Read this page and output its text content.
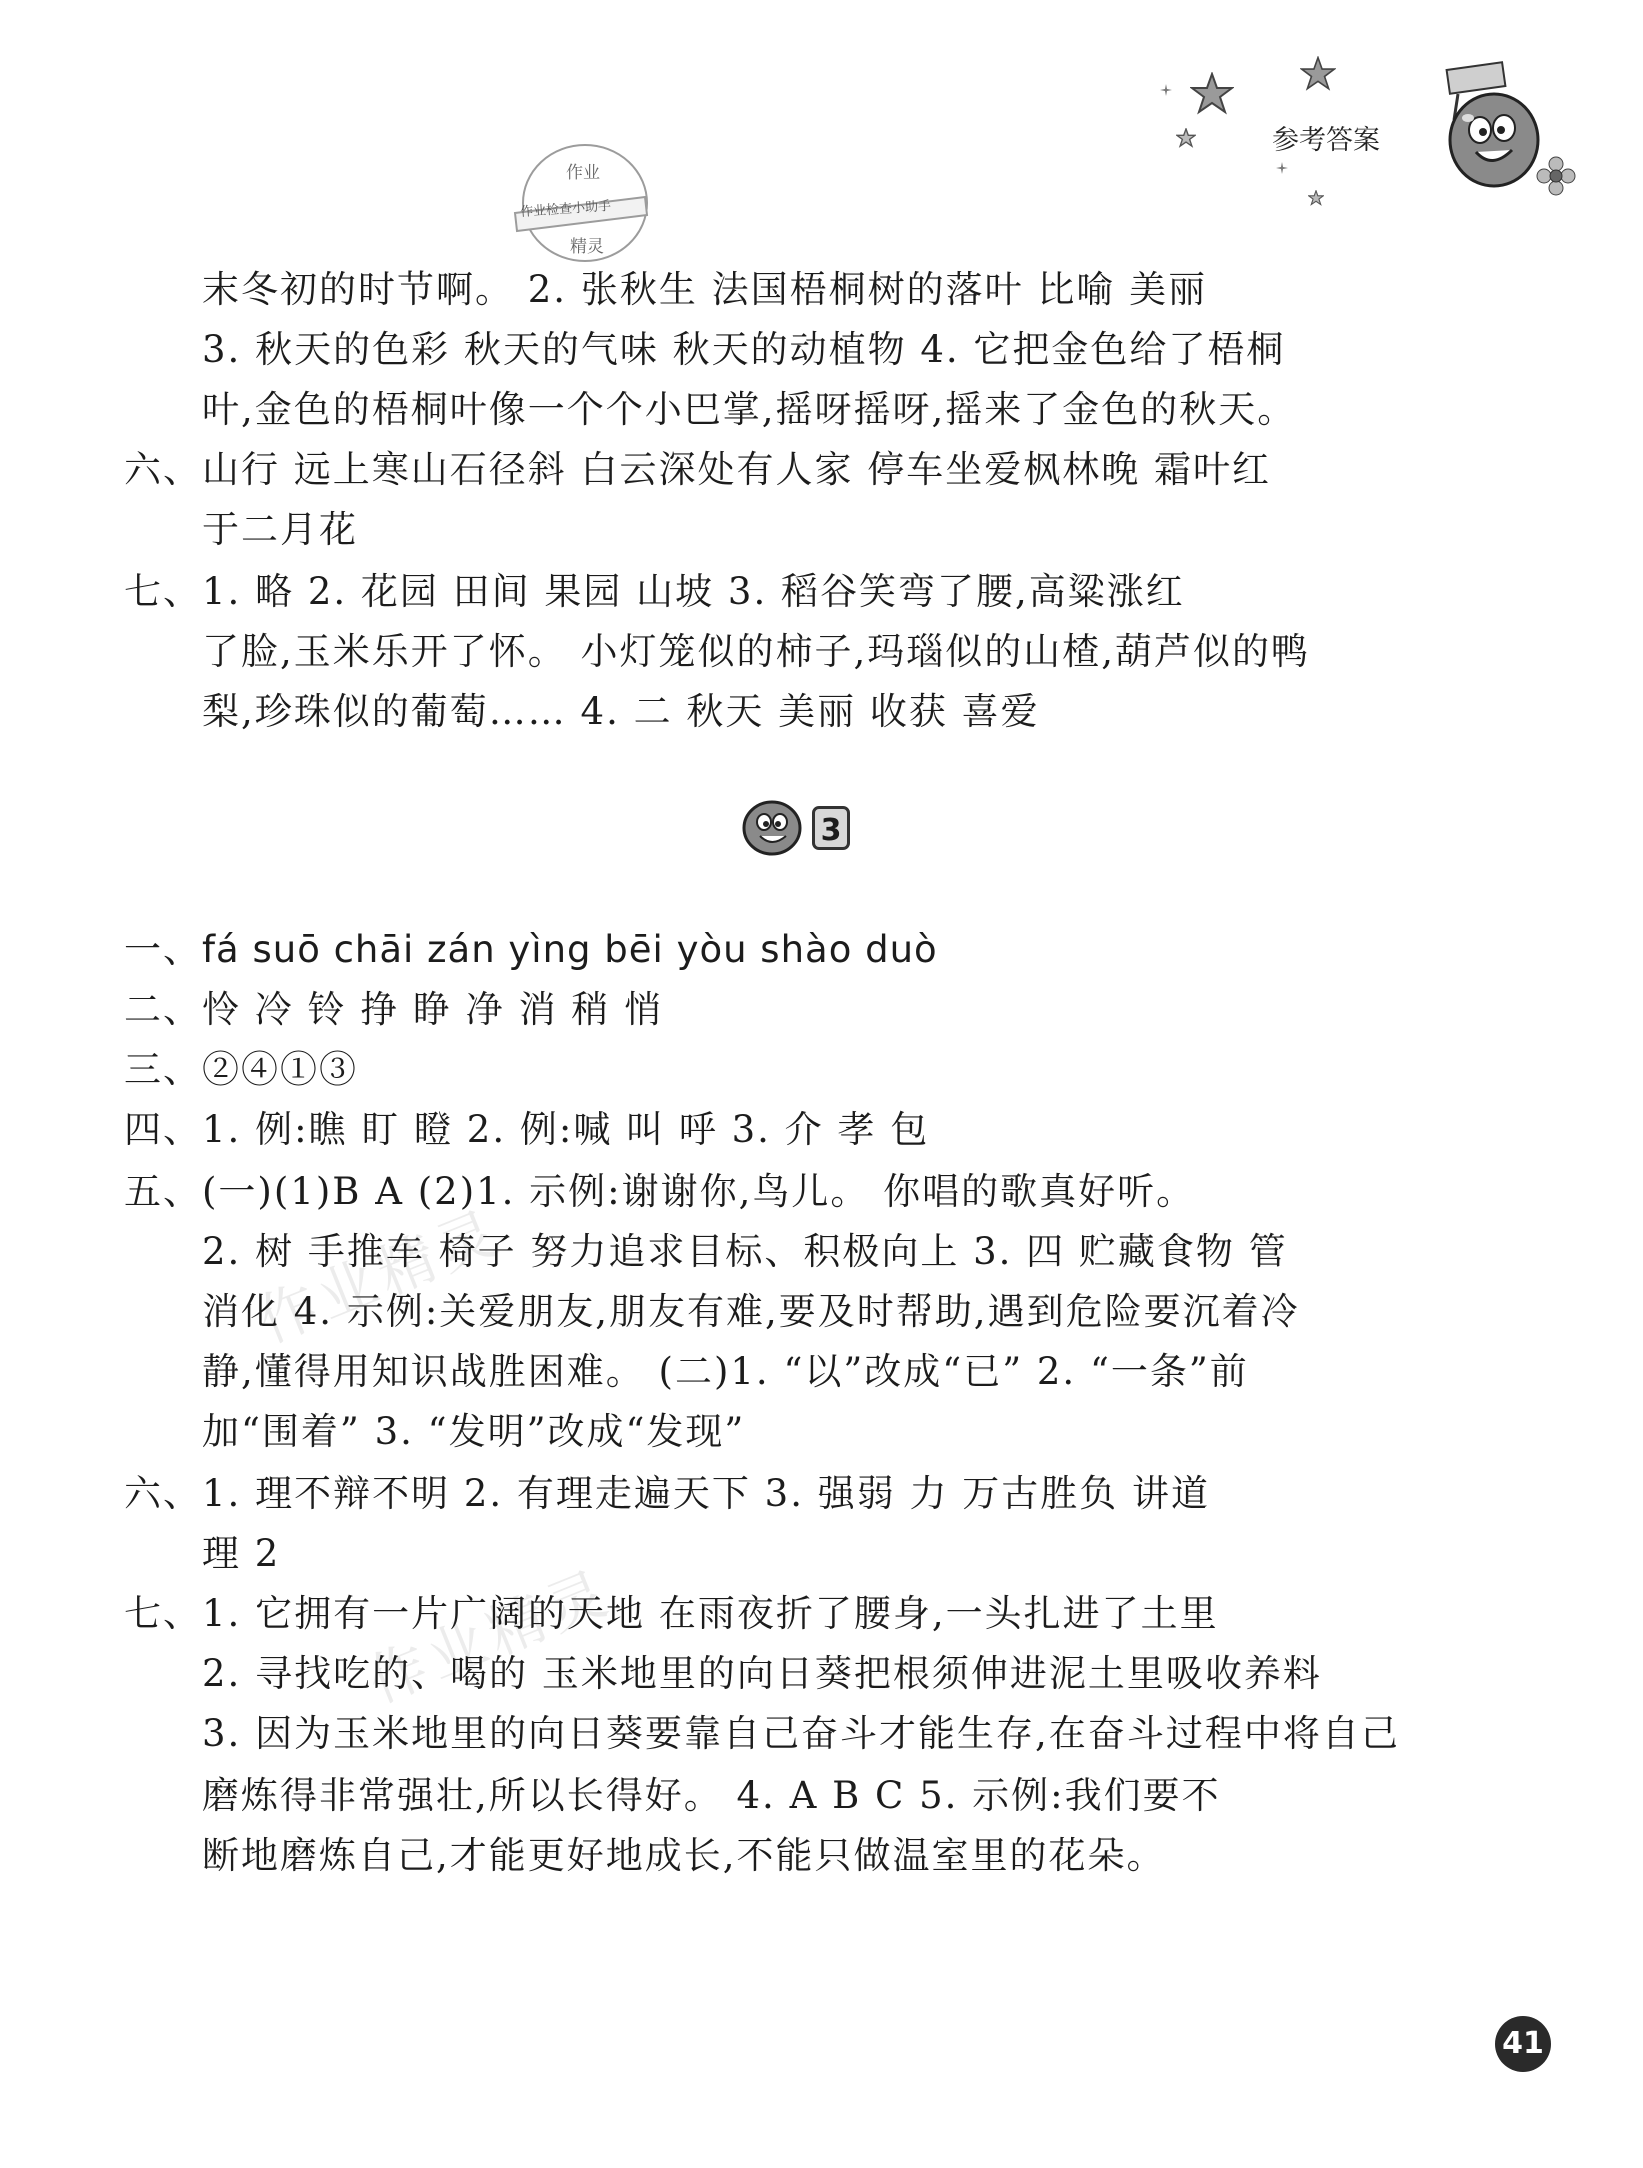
参考答案
作业
作业检查小助手
精灵
作业精灵
作业精灵
末冬初的时节啊。 2. 张秋生 法国梧桐树的落叶 比喻 美丽
3. 秋天的色彩 秋天的气味 秋天的动植物 4. 它把金色给了梧桐
叶,金色的梧桐叶像一个个小巴掌,摇呀摇呀,摇来了金色的秋天。
六、山行 远上寒山石径斜 白云深处有人家 停车坐爱枫林晚 霜叶红
于二月花
七、1. 略 2. 花园 田间 果园 山坡 3. 稻谷笑弯了腰,高粱涨红
了脸,玉米乐开了怀。 小灯笼似的柿子,玛瑙似的山楂,葫芦似的鸭
梨,珍珠似的葡萄…… 4. 二 秋天 美丽 收获 喜爱
3
一、fá suō chāi zán yìng bēi yòu shào duò
二、怜 冷 铃 挣 睁 净 消 稍 悄
三、②④①③
四、1. 例:瞧 盯 瞪 2. 例:喊 叫 呼 3. 介 孝 包
五、(一)(1)B A (2)1. 示例:谢谢你,鸟儿。 你唱的歌真好听。
2. 树 手推车 椅子 努力追求目标、积极向上 3. 四 贮藏食物 管
消化 4. 示例:关爱朋友,朋友有难,要及时帮助,遇到危险要沉着冷
静,懂得用知识战胜困难。 (二)1. “以”改成“已” 2. “一条”前
加“围着” 3. “发明”改成“发现”
六、1. 理不辩不明 2. 有理走遍天下 3. 强弱 力 万古胜负 讲道
理 2
七、1. 它拥有一片广阔的天地 在雨夜折了腰身,一头扎进了土里
2. 寻找吃的、喝的 玉米地里的向日葵把根须伸进泥土里吸收养料
3. 因为玉米地里的向日葵要靠自己奋斗才能生存,在奋斗过程中将自己
磨炼得非常强壮,所以长得好。 4. A B C 5. 示例:我们要不
断地磨炼自己,才能更好地成长,不能只做温室里的花朵。
41
